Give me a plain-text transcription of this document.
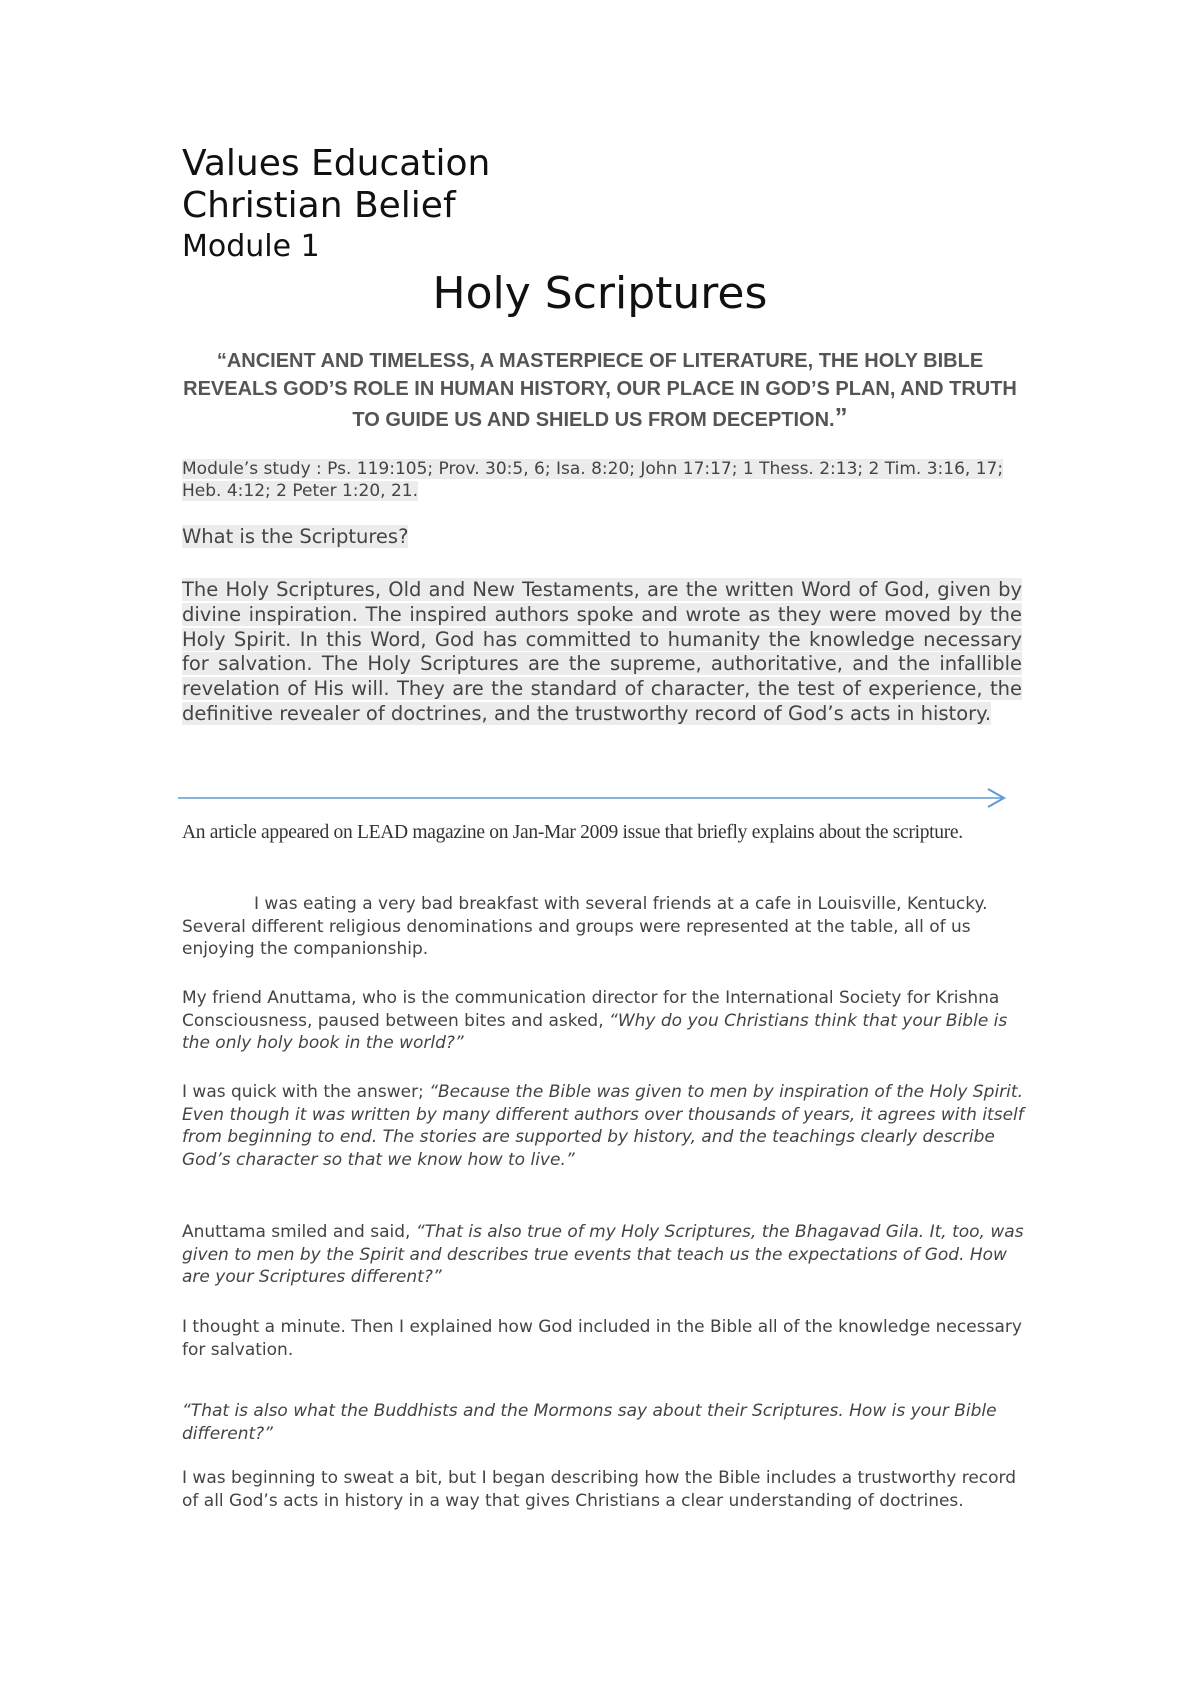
Values Education
Christian Belief
Module 1
Holy Scriptures

“ANCIENT AND TIMELESS, A MASTERPIECE OF LITERATURE, THE HOLY BIBLE REVEALS GOD’S ROLE IN HUMAN HISTORY, OUR PLACE IN GOD’S PLAN, AND TRUTH TO GUIDE US AND SHIELD US FROM DECEPTION.”

Module’s study : Ps. 119:105; Prov. 30:5, 6; Isa. 8:20; John 17:17; 1 Thess. 2:13; 2 Tim. 3:16, 17; Heb. 4:12; 2 Peter 1:20, 21.

What is the Scriptures?

The Holy Scriptures, Old and New Testaments, are the written Word of God, given by divine inspiration. The inspired authors spoke and wrote as they were moved by the Holy Spirit. In this Word, God has committed to humanity the knowledge necessary for salvation. The Holy Scriptures are the supreme, authoritative, and the infallible revelation of His will. They are the standard of character, the test of experience, the definitive revealer of doctrines, and the trustworthy record of God’s acts in history.

An article appeared on LEAD magazine on Jan-Mar 2009 issue that briefly explains about the scripture.

I was eating a very bad breakfast with several friends at a cafe in Louisville, Kentucky. Several different religious denominations and groups were represented at the table, all of us enjoying the companionship.

My friend Anuttama, who is the communication director for the International Society for Krishna Consciousness, paused between bites and asked, “Why do you Christians think that your Bible is the only holy book in the world?”

I was quick with the answer; “Because the Bible was given to men by inspiration of the Holy Spirit. Even though it was written by many different authors over thousands of years, it agrees with itself from beginning to end. The stories are supported by history, and the teachings clearly describe God’s character so that we know how to live.”

Anuttama smiled and said, “That is also true of my Holy Scriptures, the Bhagavad Gila. It, too, was given to men by the Spirit and describes true events that teach us the expectations of God. How are your Scriptures different?”

I thought a minute. Then I explained how God included in the Bible all of the knowledge necessary for salvation.

“That is also what the Buddhists and the Mormons say about their Scriptures. How is your Bible different?”

I was beginning to sweat a bit, but I began describing how the Bible includes a trustworthy record of all God’s acts in history in a way that gives Christians a clear understanding of doctrines.
